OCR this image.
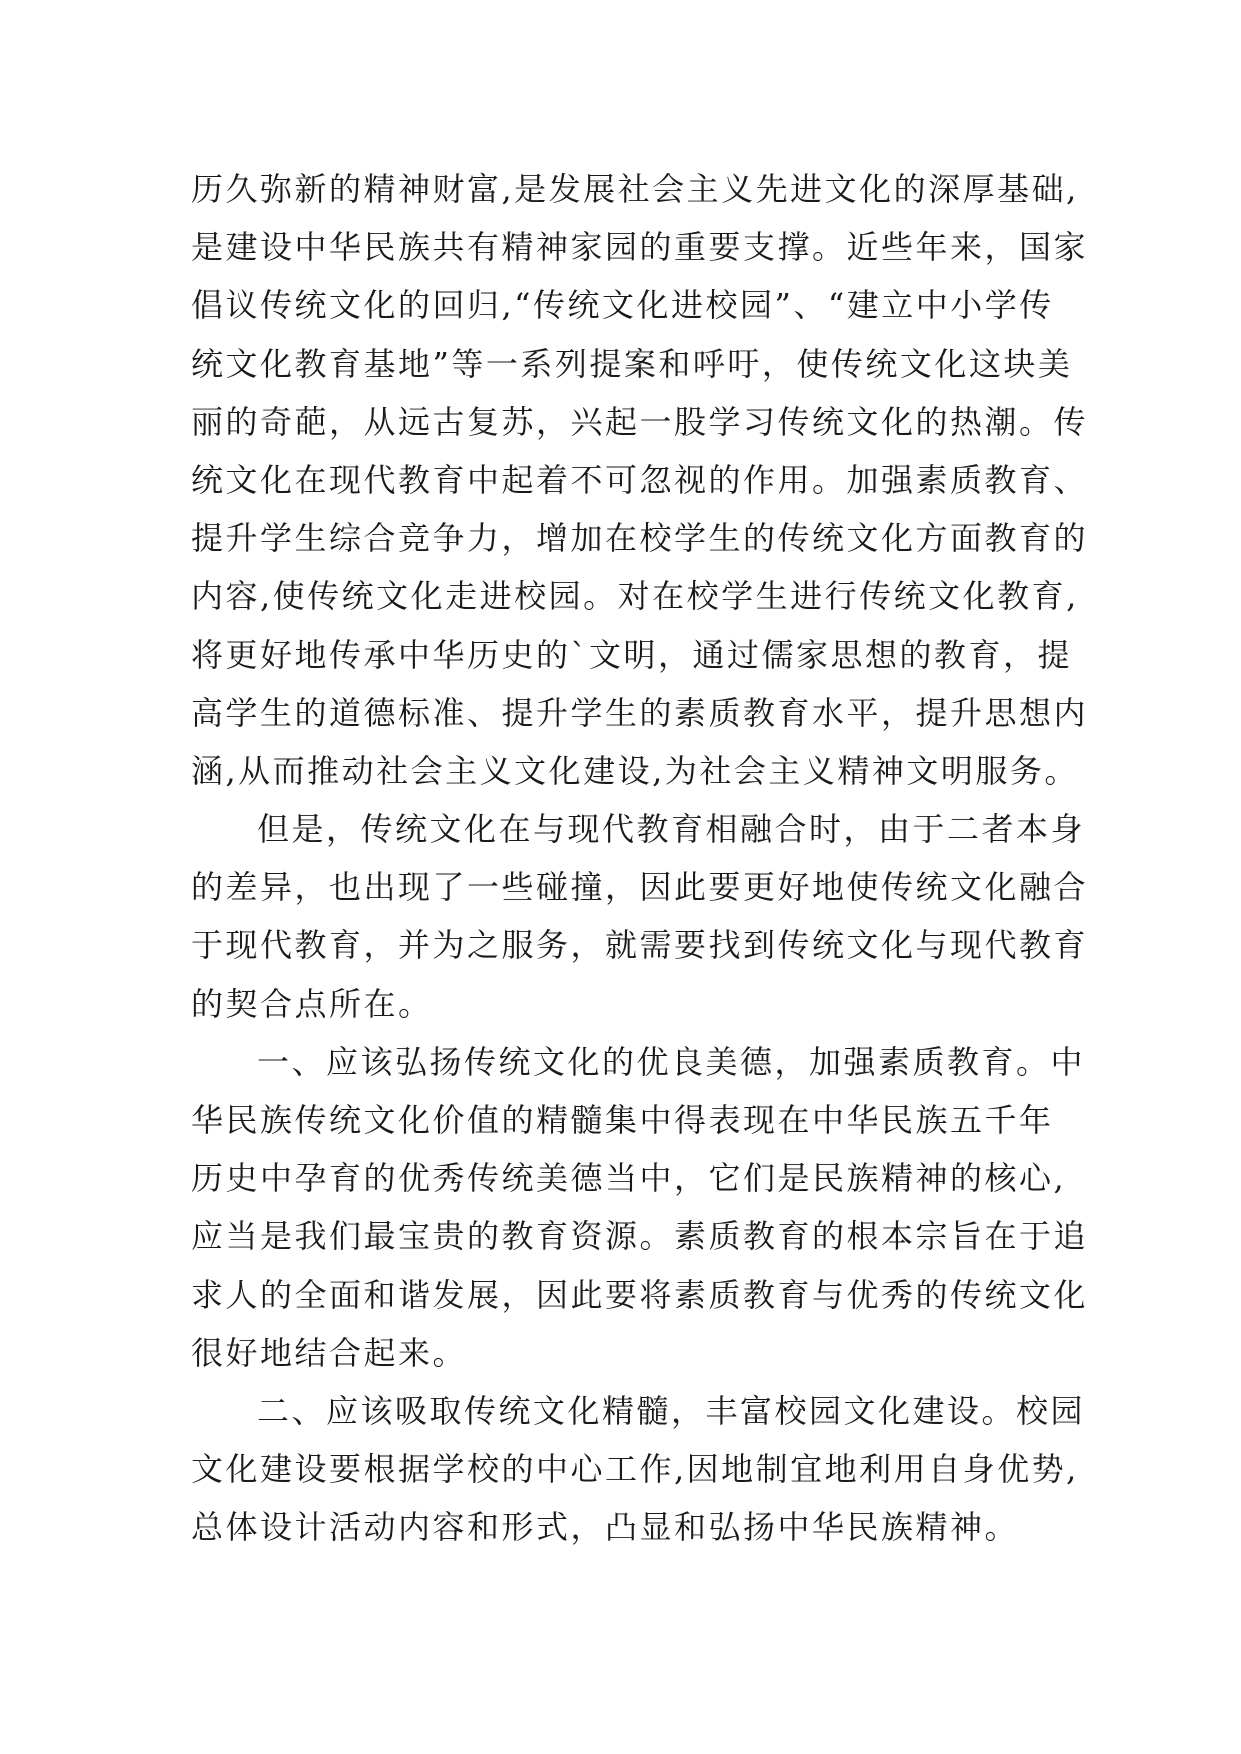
历久弥新的精神财富,是发展社会主义先进文化的深厚基础,
是建设中华民族共有精神家园的重要支撑。近些年来，国家
倡议传统文化的回归,“传统文化进校园”、“建立中小学传
统文化教育基地”等一系列提案和呼吁，使传统文化这块美
丽的奇葩，从远古复苏，兴起一股学习传统文化的热潮。传
统文化在现代教育中起着不可忽视的作用。加强素质教育、
提升学生综合竞争力，增加在校学生的传统文化方面教育的
内容,使传统文化走进校园。对在校学生进行传统文化教育,
将更好地传承中华历史的`文明，通过儒家思想的教育，提
高学生的道德标准、提升学生的素质教育水平，提升思想内
涵,从而推动社会主义文化建设,为社会主义精神文明服务。
但是，传统文化在与现代教育相融合时，由于二者本身
的差异，也出现了一些碰撞，因此要更好地使传统文化融合
于现代教育，并为之服务，就需要找到传统文化与现代教育
的契合点所在。
一、应该弘扬传统文化的优良美德，加强素质教育。中
华民族传统文化价值的精髓集中得表现在中华民族五千年
历史中孕育的优秀传统美德当中，它们是民族精神的核心,
应当是我们最宝贵的教育资源。素质教育的根本宗旨在于追
求人的全面和谐发展，因此要将素质教育与优秀的传统文化
很好地结合起来。
二、应该吸取传统文化精髓，丰富校园文化建设。校园
文化建设要根据学校的中心工作,因地制宜地利用自身优势,
总体设计活动内容和形式，凸显和弘扬中华民族精神。
